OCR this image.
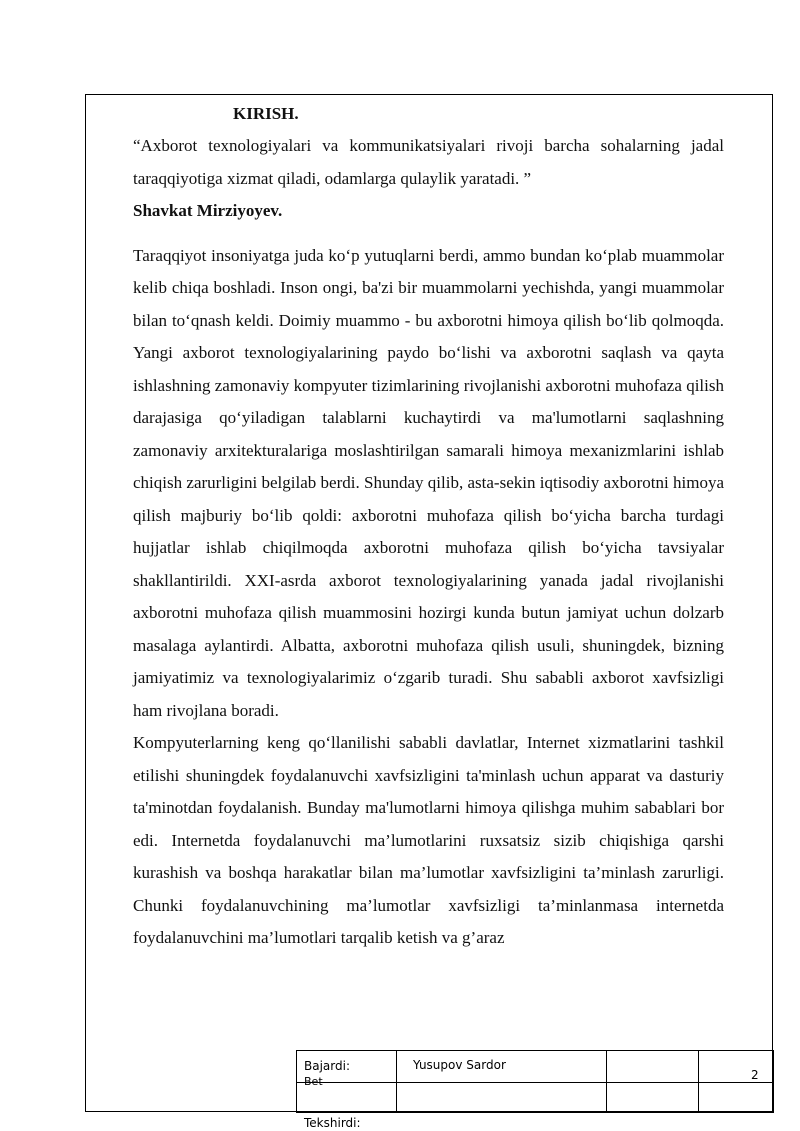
KIRISH.

“Axborot texnologiyalari va kommunikatsiyalari rivoji barcha sohalarning jadal taraqqiyotiga xizmat qiladi, odamlarga qulaylik yaratadi. ”

Shavkat Mirziyoyev.

Taraqqiyot insoniyatga juda ko‘p yutuqlarni berdi, ammo bundan ko‘plab muammolar kelib chiqa boshladi. Inson ongi, ba'zi bir muammolarni yechishda, yangi muammolar bilan to‘qnash keldi. Doimiy muammo - bu axborotni himoya qilish bo‘lib qolmoqda. Yangi axborot texnologiyalarining paydo bo‘lishi va axborotni saqlash va qayta ishlashning zamonaviy kompyuter tizimlarining rivojlanishi axborotni muhofaza qilish darajasiga qo‘yiladigan talablarni kuchaytirdi va ma'lumotlarni saqlashning zamonaviy arxitekturalariga moslashtirilgan samarali himoya mexanizmlarini ishlab chiqish zarurligini belgilab berdi. Shunday qilib, asta-sekin iqtisodiy axborotni himoya qilish majburiy bo‘lib qoldi: axborotni muhofaza qilish bo‘yicha barcha turdagi hujjatlar ishlab chiqilmoqda axborotni muhofaza qilish bo‘yicha tavsiyalar shakllantirildi. XXI-asrda axborot texnologiyalarining yanada jadal rivojlanishi axborotni muhofaza qilish muammosini hozirgi kunda butun jamiyat uchun dolzarb masalaga aylantirdi. Albatta, axborotni muhofaza qilish usuli, shuningdek, bizning jamiyatimiz va texnologiyalarimiz o‘zgarib turadi. Shu sababli axborot xavfsizligi ham rivojlana boradi.

Kompyuterlarning keng qo‘llanilishi sababli davlatlar, Internet xizmatlarini tashkil etilishi shuningdek foydalanuvchi xavfsizligini ta'minlash uchun apparat va dasturiy ta'minotdan foydalanish. Bunday ma'lumotlarni himoya qilishga muhim sabablari bor edi. Internetda foydalanuvchi ma’lumotlarini ruxsatsiz sizib chiqishiga qarshi kurashish va boshqa harakatlar bilan ma’lumotlar xavfsizligini ta’minlash zarurligi. Chunki foydalanuvchining ma’lumotlar xavfsizligi ta’minlanmasa internetda foydalanuvchini ma’lumotlari tarqalib ketish va g’araz

Bajardi:	Yusupov Sardor
Bet	2
Tekshirdi:
